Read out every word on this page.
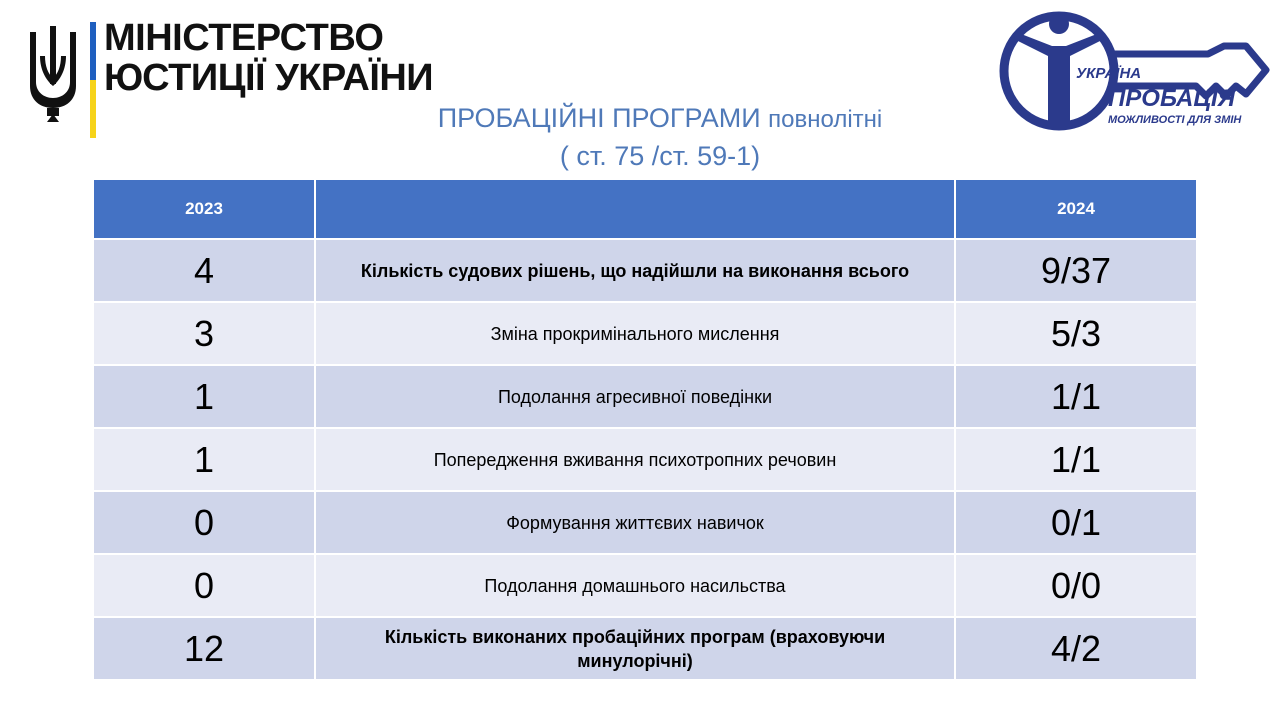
МІНІСТЕРСТВО
ЮСТИЦІЇ УКРАЇНИ	УКРАЇНА
ПРОБАЦІЯ
МОЖЛИВОСТІ ДЛЯ ЗМІН
ПРОБАЦІЙНІ ПРОГРАМИ повнолітні
( ст. 75 /ст. 59-1)
2023		2024
4	Кількість судових рішень, що надійшли на виконання всього	9/37
3	Зміна прокримінального мислення	5/3
1	Подолання агресивної поведінки	1/1
1	Попередження вживання психотропних речовин	1/1
0	Формування життєвих навичок	0/1
0	Подолання домашнього насильства	0/0
12	Кількість виконаних пробаційних програм (враховуючи минулорічні)	4/2
